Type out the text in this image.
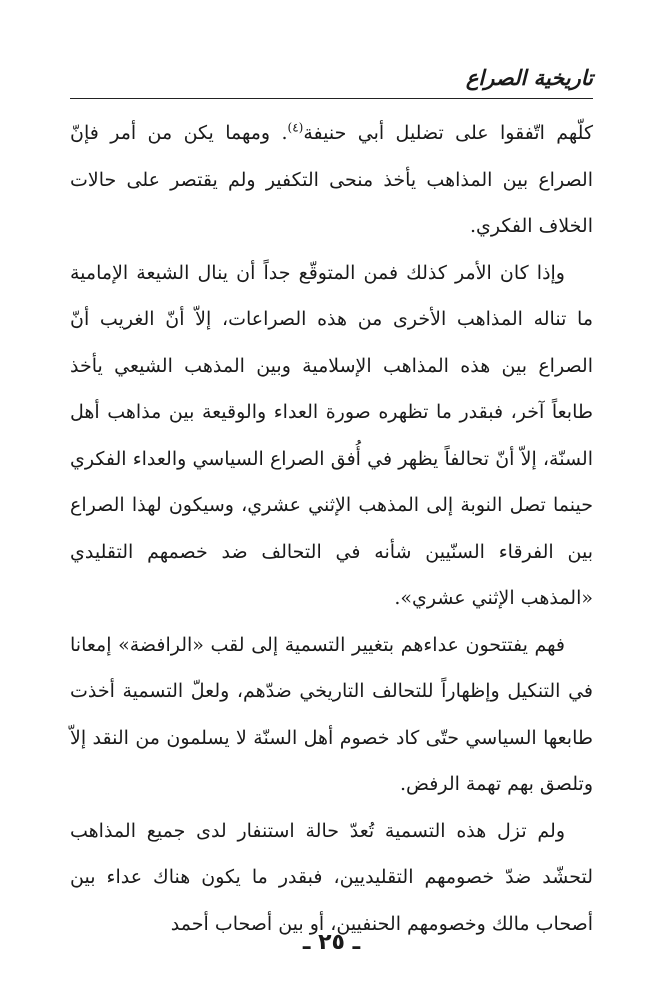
تاريخية الصراع

كلّهم اتّفقوا على تضليل أبي حنيفة$^{(٤)}$. ومهما يكن من أمر فإنّ الصراع بين المذاهب يأخذ منحى التكفير ولم يقتصر على حالات الخلاف الفكري.

وإذا كان الأمر كذلك فمن المتوقّع جداً أن ينال الشيعة الإمامية ما تناله المذاهب الأخرى من هذه الصراعات، إلاّ أنّ الغريب أنّ الصراع بين هذه المذاهب الإسلامية وبين المذهب الشيعي يأخذ طابعاً آخر، فبقدر ما تظهره صورة العداء والوقيعة بين مذاهب أهل السنّة، إلاّ أنّ تحالفاً يظهر في أُفق الصراع السياسي والعداء الفكري حينما تصل النوبة إلى المذهب الإثني عشري، وسيكون لهذا الصراع بين الفرقاء السنّيين شأنه في التحالف ضد خصمهم التقليدي «المذهب الإثني عشري».

فهم يفتتحون عداءهم بتغيير التسمية إلى لقب «الرافضة» إمعانا في التنكيل وإظهاراً للتحالف التاريخي ضدّهم، ولعلّ التسمية أخذت طابعها السياسي حتّى كاد خصوم أهل السنّة لا يسلمون من النقد إلاّ وتلصق بهم تهمة الرفض.

ولم تزل هذه التسمية تُعدّ حالة استنفار لدى جميع المذاهب لتحشّد ضدّ خصومهم التقليديين، فبقدر ما يكون هناك عداء بين أصحاب مالك وخصومهم الحنفيين، أو بين أصحاب أحمد

ـ ٢٥ ـ
